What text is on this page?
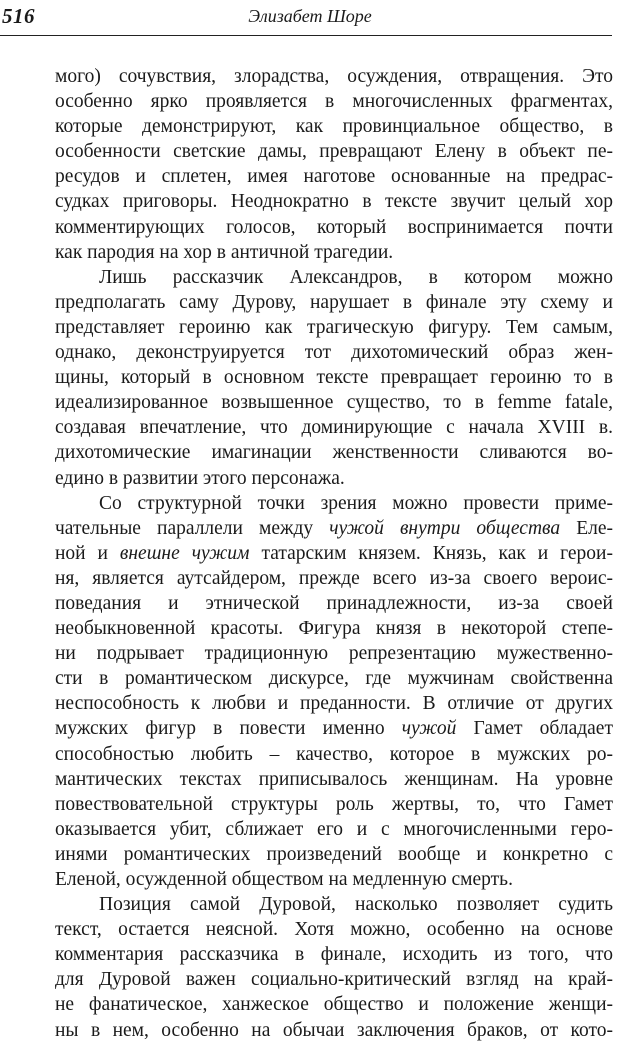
516	Элизабет Шоре
мого) сочувствия, злорадства, осуждения, отвращения. Это
особенно ярко проявляется в многочисленных фрагментах,
которые демонстрируют, как провинциальное общество, в
особенности светские дамы, превращают Елену в объект пе-
ресудов и сплетен, имея наготове основанные на предрас-
судках приговоры. Неоднократно в тексте звучит целый хор
комментирующих голосов, который воспринимается почти
как пародия на хор в античной трагедии.
Лишь рассказчик Александров, в котором можно
предполагать саму Дурову, нарушает в финале эту схему и
представляет героиню как трагическую фигуру. Тем самым,
однако, деконструируется тот дихотомический образ жен-
щины, который в основном тексте превращает героиню то в
идеализированное возвышенное существо, то в femme fatale,
создавая впечатление, что доминирующие с начала XVIII в.
дихотомические имагинации женственности сливаются во-
едино в развитии этого персонажа.
Со структурной точки зрения можно провести приме-
чательные параллели между чужой внутри общества Еле-
ной и внешне чужим татарским князем. Князь, как и герои-
ня, является аутсайдером, прежде всего из-за своего вероис-
поведания и этнической принадлежности, из-за своей
необыкновенной красоты. Фигура князя в некоторой степе-
ни подрывает традиционную репрезентацию мужественно-
сти в романтическом дискурсе, где мужчинам свойственна
неспособность к любви и преданности. В отличие от других
мужских фигур в повести именно чужой Гамет обладает
способностью любить – качество, которое в мужских ро-
мантических текстах приписывалось женщинам. На уровне
повествовательной структуры роль жертвы, то, что Гамет
оказывается убит, сближает его и с многочисленными геро-
инями романтических произведений вообще и конкретно с
Еленой, осужденной обществом на медленную смерть.
Позиция самой Дуровой, насколько позволяет судить
текст, остается неясной. Хотя можно, особенно на основе
комментария рассказчика в финале, исходить из того, что
для Дуровой важен социально-критический взгляд на край-
не фанатическое, ханжеское общество и положение женщи-
ны в нем, особенно на обычаи заключения браков, от кото-
